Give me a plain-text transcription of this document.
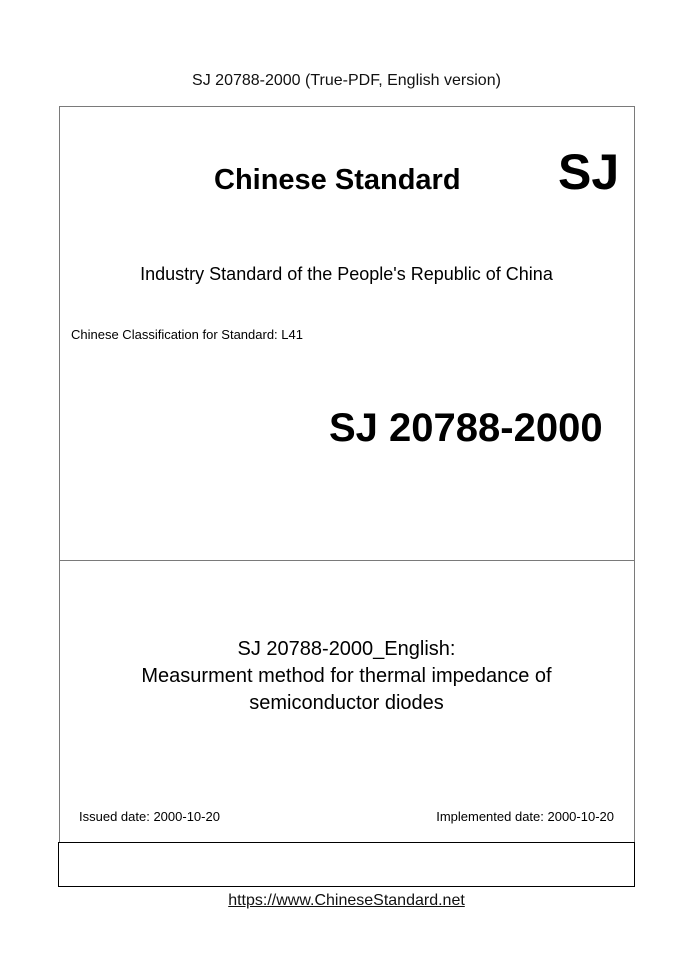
SJ 20788-2000 (True-PDF, English version)
Chinese Standard SJ
Industry Standard of the People's Republic of China
Chinese Classification for Standard: L41
SJ 20788-2000
SJ 20788-2000_English:
Measurment method for thermal impedance of
semiconductor diodes
Issued date: 2000-10-20	Implemented date: 2000-10-20
https://www.ChineseStandard.net
